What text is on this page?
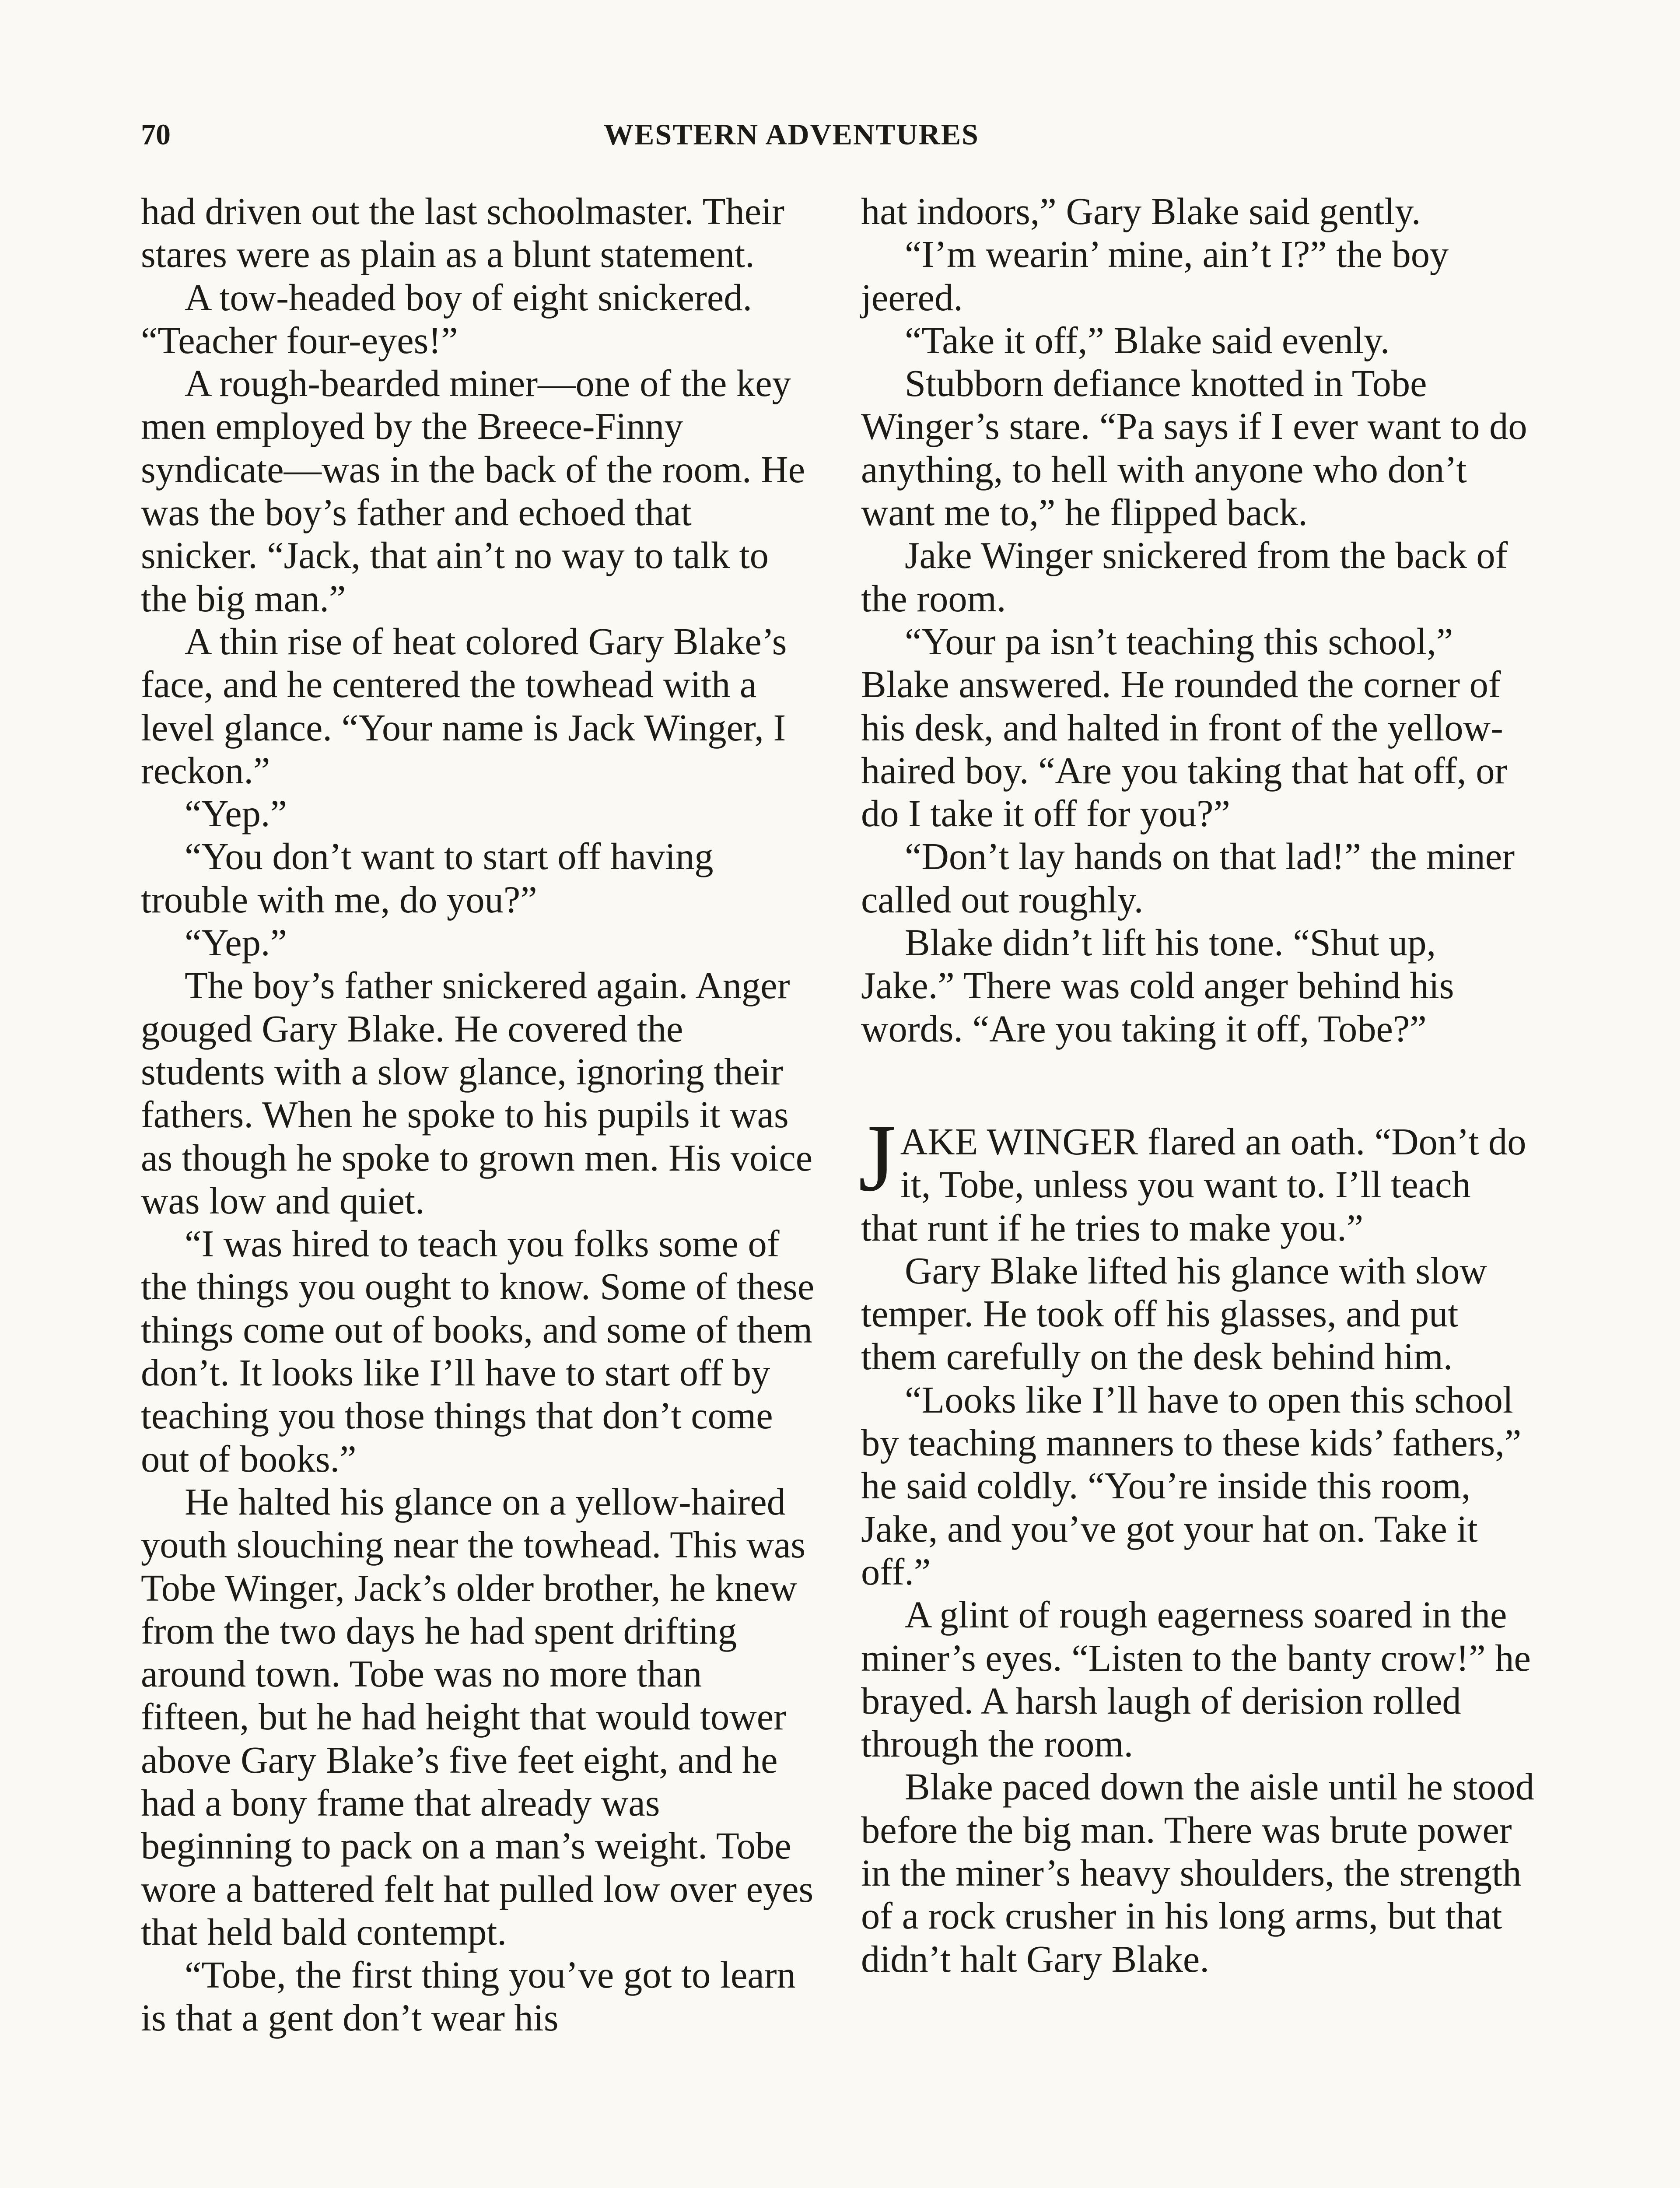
70	WESTERN ADVENTURES

had driven out the last schoolmaster. Their stares were as plain as a blunt statement.

A tow-headed boy of eight snickered. “Teacher four-eyes!”

A rough-bearded miner—one of the key men employed by the Breece-Finny syndicate—was in the back of the room. He was the boy’s father and echoed that snicker. “Jack, that ain’t no way to talk to the big man.”

A thin rise of heat colored Gary Blake’s face, and he centered the towhead with a level glance. “Your name is Jack Winger, I reckon.”

“Yep.”

“You don’t want to start off having trouble with me, do you?”

“Yep.”

The boy’s father snickered again. Anger gouged Gary Blake. He covered the students with a slow glance, ignoring their fathers. When he spoke to his pupils it was as though he spoke to grown men. His voice was low and quiet.

“I was hired to teach you folks some of the things you ought to know. Some of these things come out of books, and some of them don’t. It looks like I’ll have to start off by teaching you those things that don’t come out of books.”

He halted his glance on a yellow-haired youth slouching near the towhead. This was Tobe Winger, Jack’s older brother, he knew from the two days he had spent drifting around town. Tobe was no more than fifteen, but he had height that would tower above Gary Blake’s five feet eight, and he had a bony frame that already was beginning to pack on a man’s weight. Tobe wore a battered felt hat pulled low over eyes that held bald contempt.

“Tobe, the first thing you’ve got to learn is that a gent don’t wear his

hat indoors,” Gary Blake said gently.

“I’m wearin’ mine, ain’t I?” the boy jeered.

“Take it off,” Blake said evenly.

Stubborn defiance knotted in Tobe Winger’s stare. “Pa says if I ever want to do anything, to hell with anyone who don’t want me to,” he flipped back.

Jake Winger snickered from the back of the room.

“Your pa isn’t teaching this school,” Blake answered. He rounded the corner of his desk, and halted in front of the yellow-haired boy. “Are you taking that hat off, or do I take it off for you?”

“Don’t lay hands on that lad!” the miner called out roughly.

Blake didn’t lift his tone. “Shut up, Jake.” There was cold anger behind his words. “Are you taking it off, Tobe?”

JAKE WINGER flared an oath. “Don’t do it, Tobe, unless you want to. I’ll teach that runt if he tries to make you.”

Gary Blake lifted his glance with slow temper. He took off his glasses, and put them carefully on the desk behind him.

“Looks like I’ll have to open this school by teaching manners to these kids’ fathers,” he said coldly. “You’re inside this room, Jake, and you’ve got your hat on. Take it off.”

A glint of rough eagerness soared in the miner’s eyes. “Listen to the banty crow!” he brayed. A harsh laugh of derision rolled through the room.

Blake paced down the aisle until he stood before the big man. There was brute power in the miner’s heavy shoulders, the strength of a rock crusher in his long arms, but that didn’t halt Gary Blake.
